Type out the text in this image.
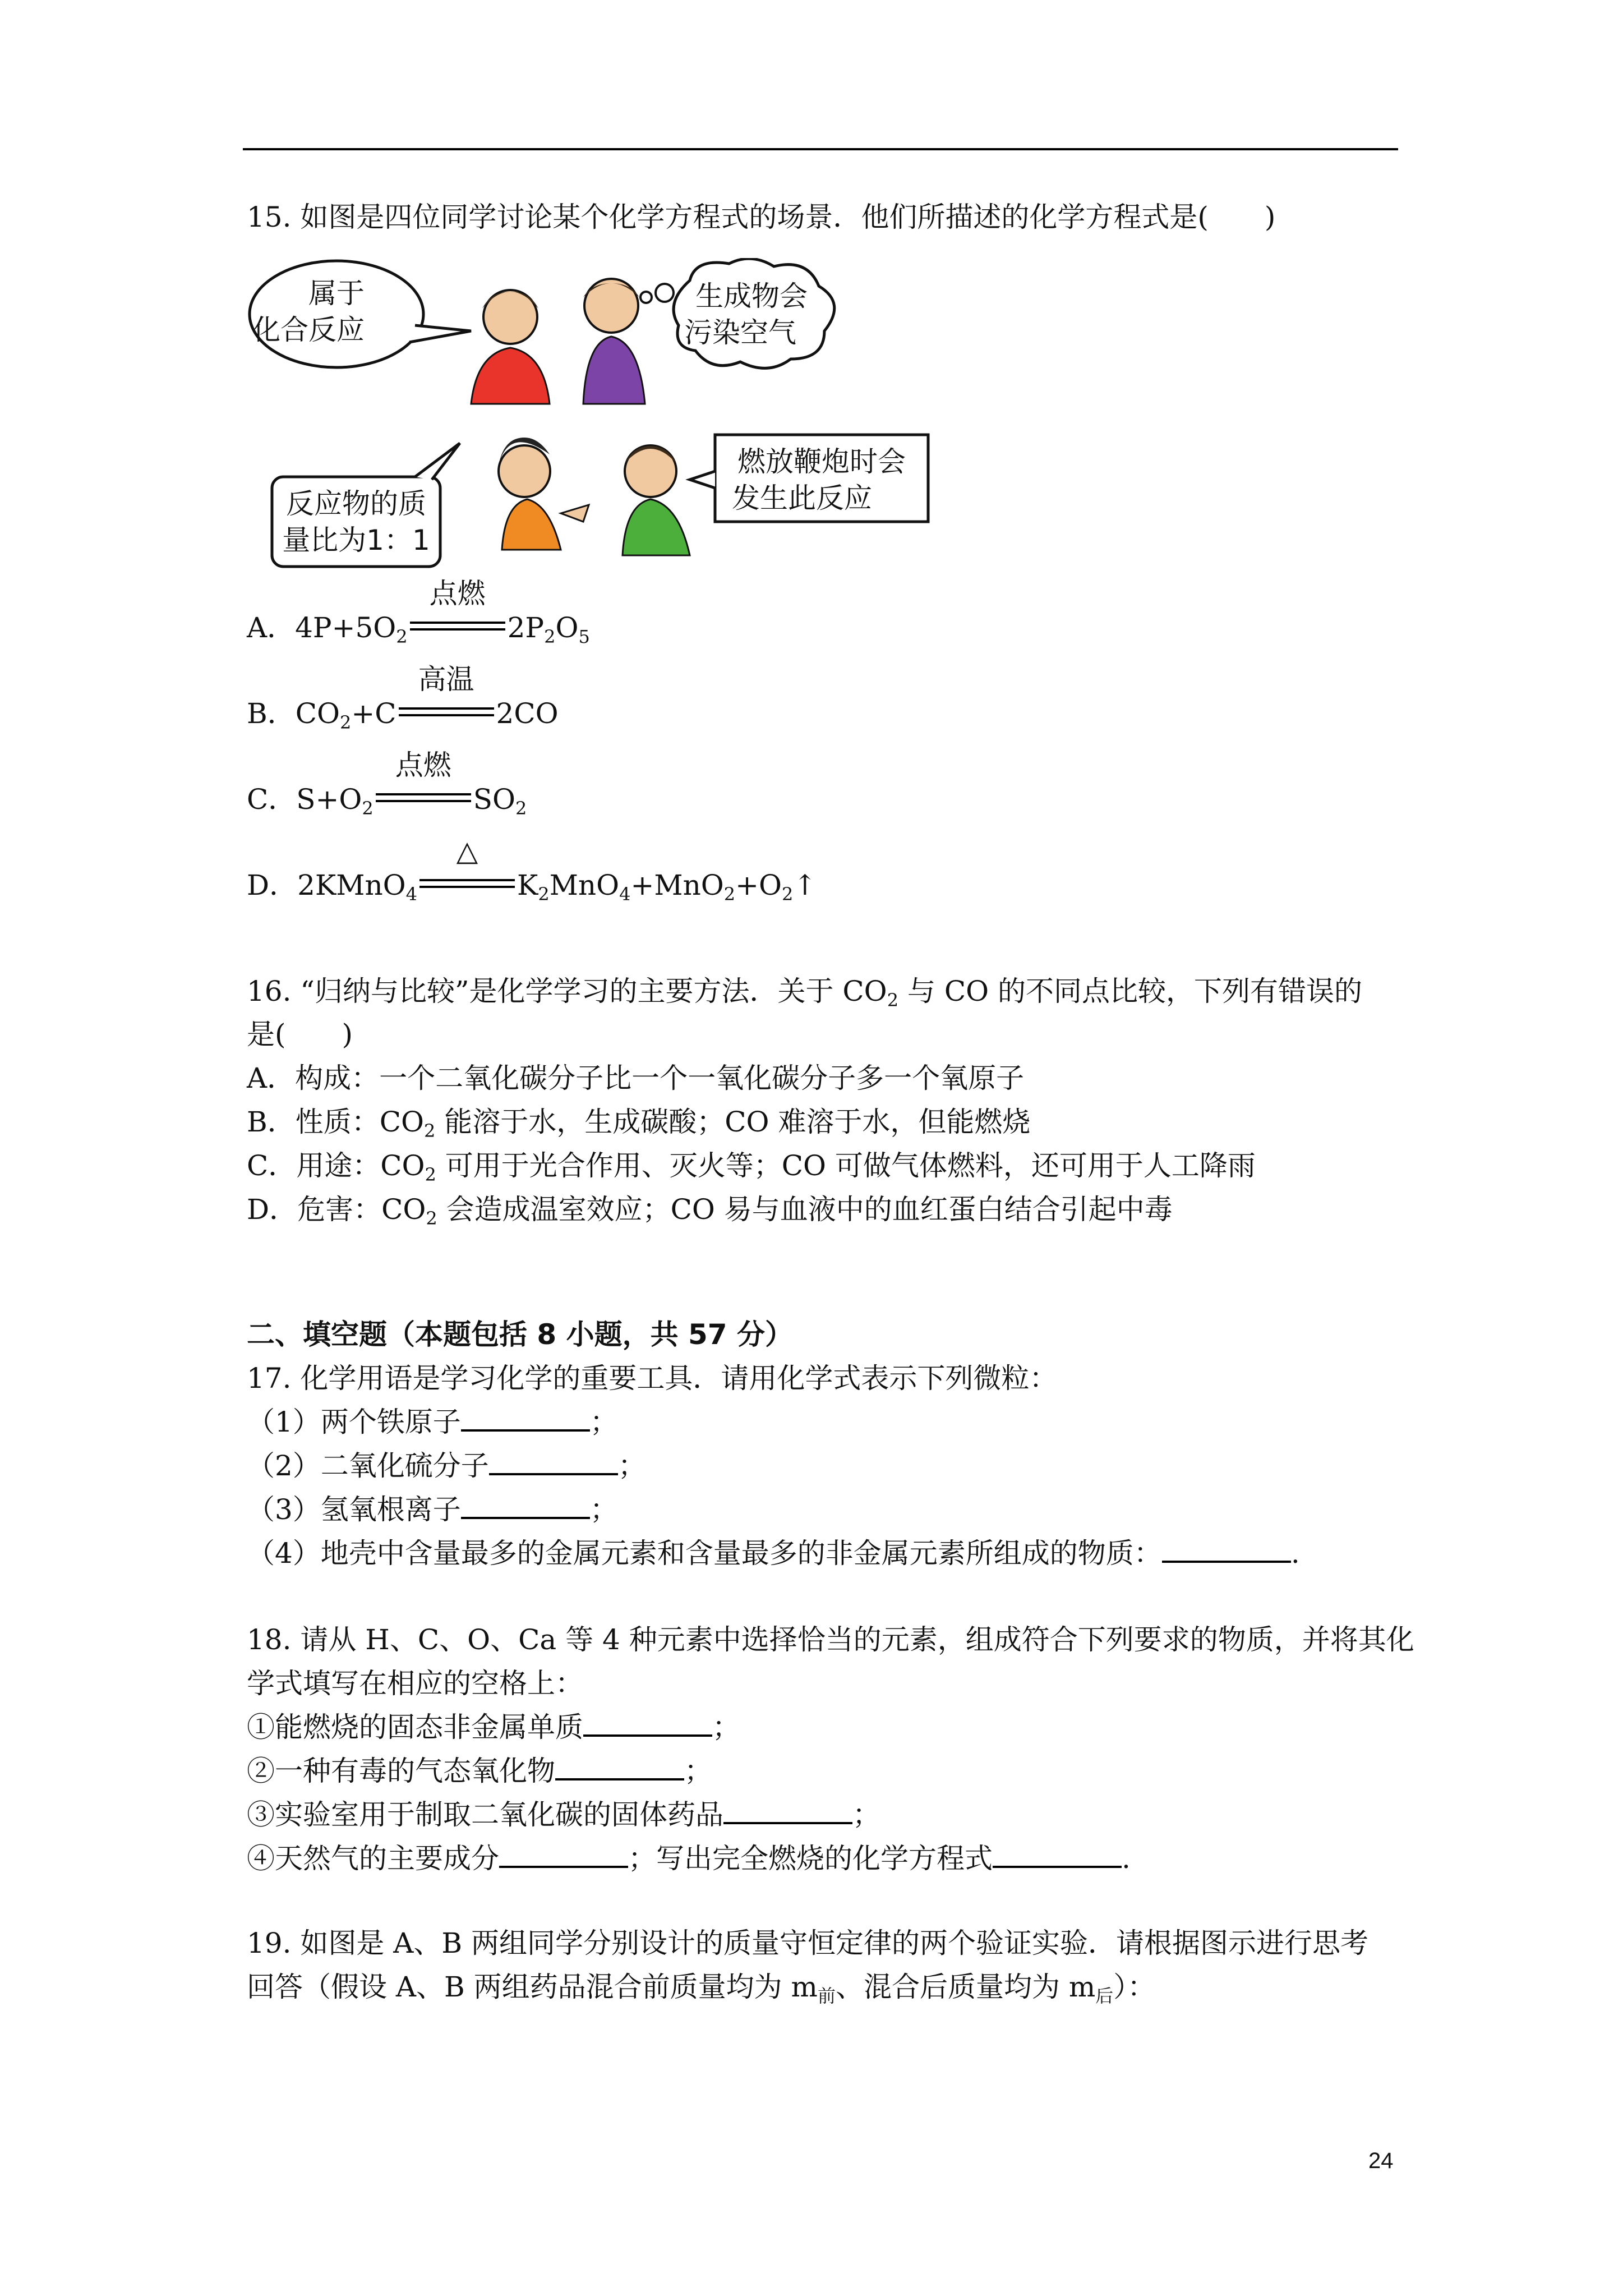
15. 如图是四位同学讨论某个化学方程式的场景．他们所描述的化学方程式是(　　)
属于
化合反应
生成物会
污染空气
反应物的质
量比为1：1
燃放鞭炮时会
发生此反应
A．$4P+5O_2$
点燃
$2P_2O_5$
B．$CO_2+C$
高温
2CO
C．$S+O_2$
点燃
$SO_2$
D．2KMnO$_4$
△
$K_2MnO_4+MnO_2+O_2↑$
16. “归纳与比较”是化学学习的主要方法．关于 $CO_2$ 与 CO 的不同点比较，下列有错误的
是(　　)
A．构成：一个二氧化碳分子比一个一氧化碳分子多一个氧原子
B．性质：$CO_2$ 能溶于水，生成碳酸；CO 难溶于水，但能燃烧
C．用途：$CO_2$ 可用于光合作用、灭火等；CO 可做气体燃料，还可用于人工降雨
D．危害：$CO_2$ 会造成温室效应；CO 易与血液中的血红蛋白结合引起中毒
二、填空题（本题包括 8 小题，共 57 分）
17. 化学用语是学习化学的重要工具．请用化学式表示下列微粒：
（1）两个铁原子	；
（2）二氧化硫分子	；
（3）氢氧根离子	；
（4）地壳中含量最多的金属元素和含量最多的非金属元素所组成的物质：	.
18. 请从 H、C、O、Ca 等 4 种元素中选择恰当的元素，组成符合下列要求的物质，并将其化
学式填写在相应的空格上：
①能燃烧的固态非金属单质	；
②一种有毒的气态氧化物	；
③实验室用于制取二氧化碳的固体药品	；
④天然气的主要成分	；写出完全燃烧的化学方程式	.
19. 如图是 A、B 两组同学分别设计的质量守恒定律的两个验证实验．请根据图示进行思考
回答（假设 A、B 两组药品混合前质量均为 $m_前$、混合后质量均为 $m_后$）：
24
